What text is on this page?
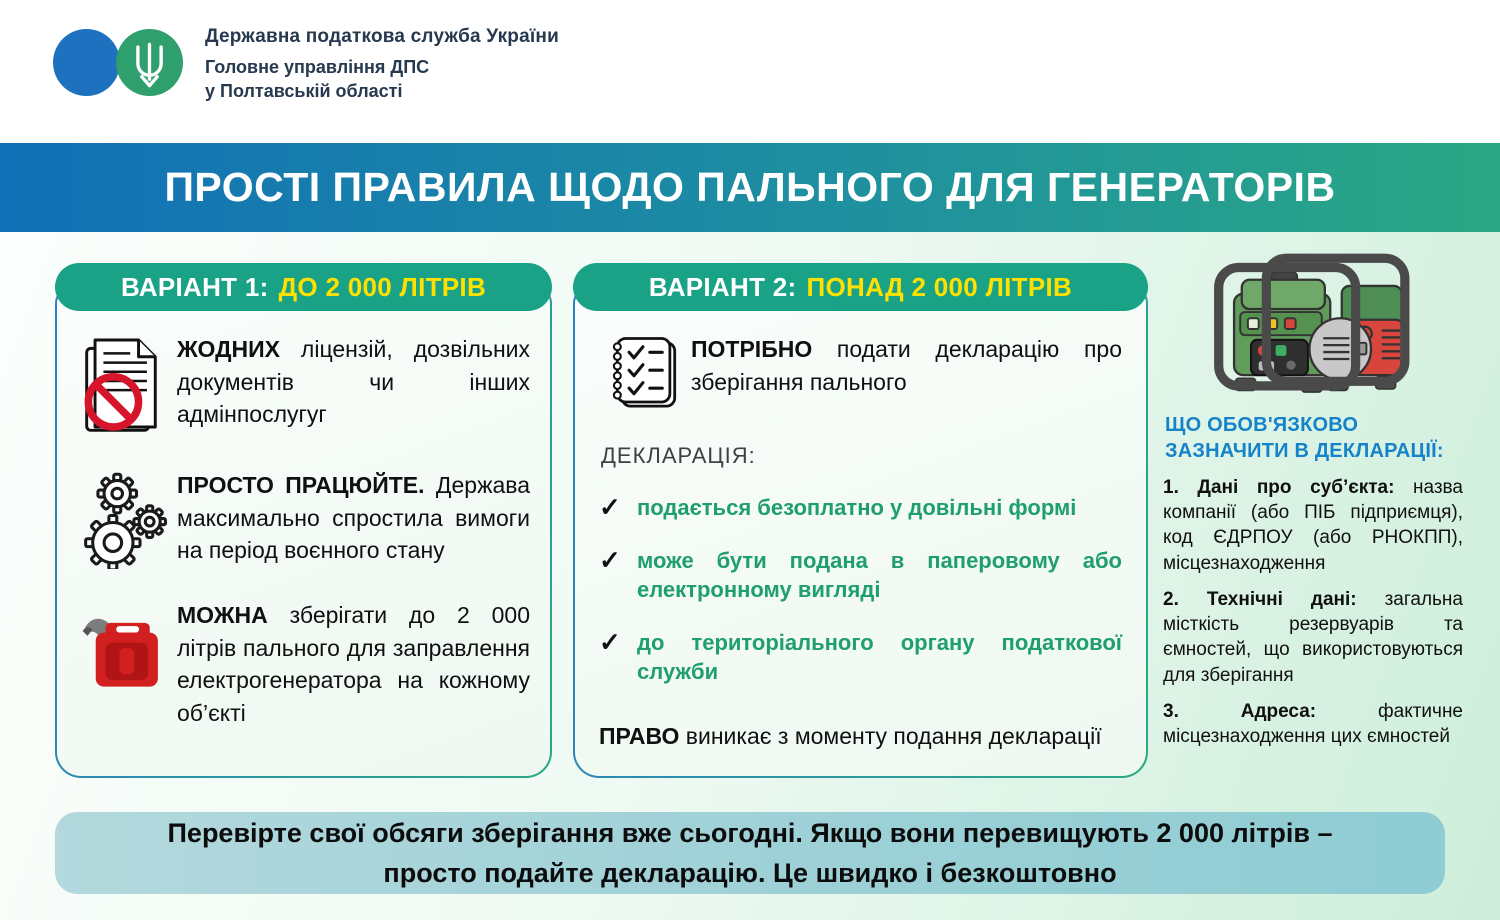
Державна податкова служба України
Головне управління ДПС
у Полтавській області
ПРОСТІ ПРАВИЛА ЩОДО ПАЛЬНОГО ДЛЯ ГЕНЕРАТОРІВ
ВАРІАНТ 1: ДО 2 000 ЛІТРІВ

ЖОДНИХ ліцензій, дозвільних документів чи інших адмінпослугуг

ПРОСТО ПРАЦЮЙТЕ. Держава максимально спростила вимоги на період воєнного стану

МОЖНА зберігати до 2 000 літрів пального для заправлення електрогенератора на кожному об’єкті

ВАРІАНТ 2: ПОНАД 2 000 ЛІТРІВ

ПОТРІБНО подати декларацію про зберігання пального

ДЕКЛАРАЦІЯ:
✓ подається безоплатно у довільні формі
✓ може бути подана в паперовому або електронному вигляді
✓ до територіального органу податкової служби

ПРАВО виникає з моменту подання декларації

ЩО ОБОВ'ЯЗКОВО ЗАЗНАЧИТИ В ДЕКЛАРАЦІЇ:

1. Дані про суб’єкта: назва компанії (або ПІБ підприємця), код ЄДРПОУ (або РНОКПП), місцезнаходження

2. Технічні дані: загальна місткість резервуарів та ємностей, що використовуються для зберігання

3. Адреса:	фактичне місцезнаходження цих ємностей

Перевірте свої обсяги зберігання вже сьогодні. Якщо вони перевищують 2 000 літрів –
просто подайте декларацію. Це швидко і безкоштовно
